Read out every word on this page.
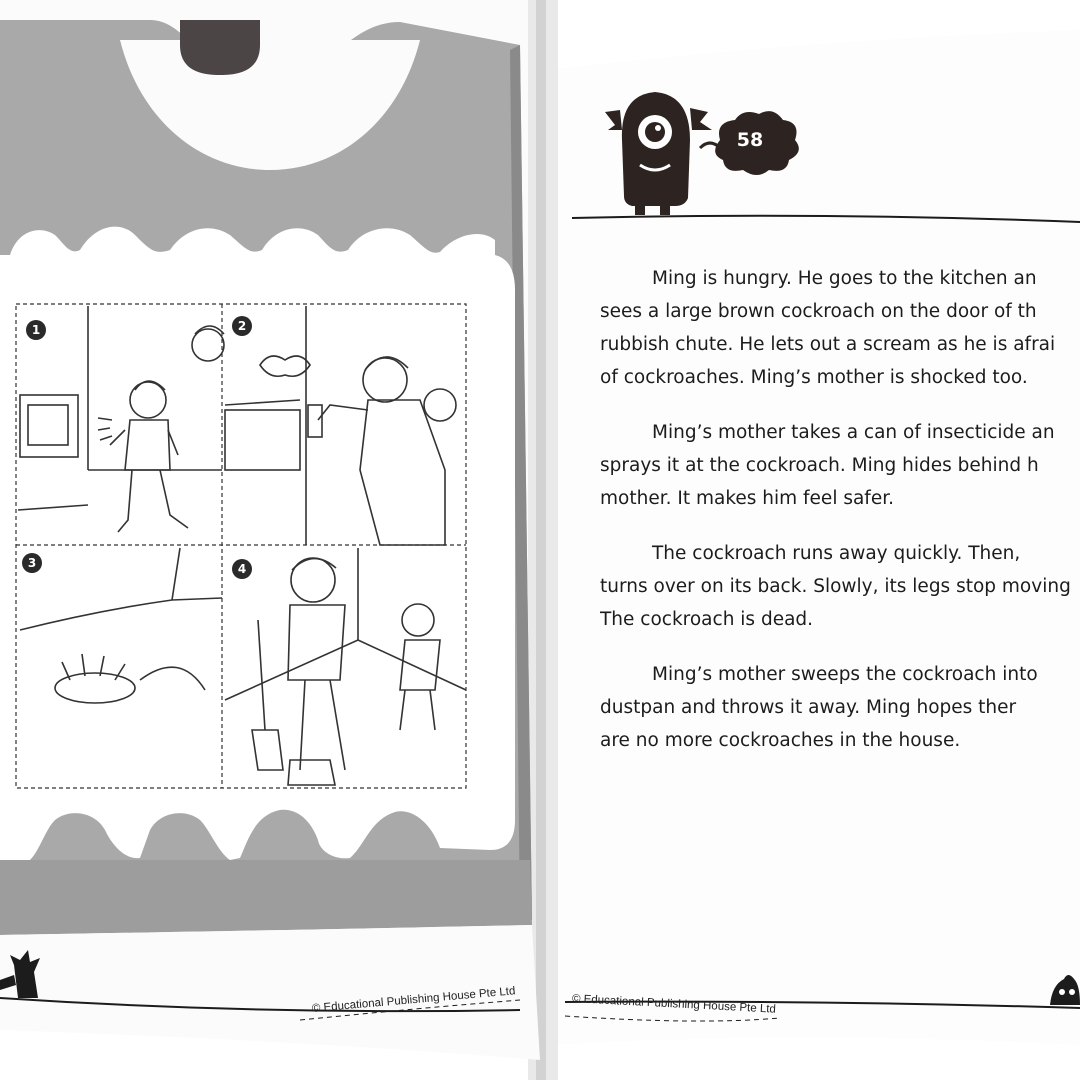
1	2
3	4
58
Ming is hungry. He goes to the kitchen an
sees a large brown cockroach on the door of th
rubbish chute. He lets out a scream as he is afrai
of cockroaches. Ming’s mother is shocked too.
Ming’s mother takes a can of insecticide an
sprays it at the cockroach. Ming hides behind h
mother. It makes him feel safer.
The cockroach runs away quickly. Then,
turns over on its back. Slowly, its legs stop moving
The cockroach is dead.
Ming’s mother sweeps the cockroach into
dustpan and throws it away. Ming hopes ther
are no more cockroaches in the house.
© Educational Publishing House Pte Ltd	© Educational Publishing House Pte Ltd
